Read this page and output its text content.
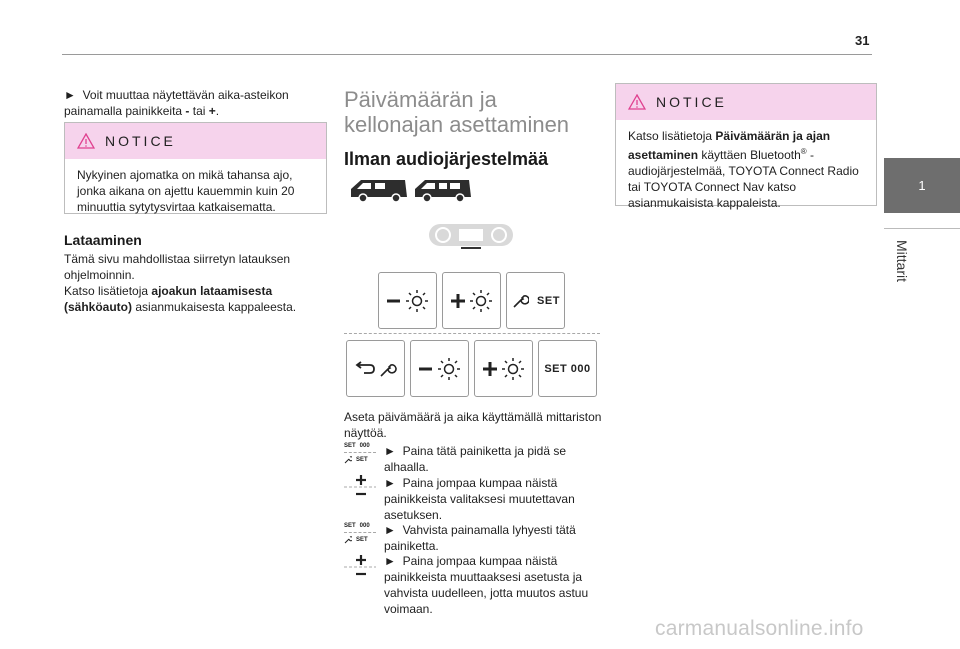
31
1
Mittarit
► Voit muuttaa näytettävän aika-asteikon
painamalla painikkeita - tai +.
NOTICE
Nykyinen ajomatka on mikä tahansa ajo, jonka aikana on ajettu kauemmin kuin 20 minuuttia sytytysvirtaa katkaisematta.
Lataaminen
Tämä sivu mahdollistaa siirretyn latauksen ohjelmoinnin.
Katso lisätietoja ajoakun lataamisesta (sähköauto) asianmukaisesta kappaleesta.
Päivämäärän ja
kellonajan asettaminen
Ilman audiojärjestelmää
SET
SET 000
Aseta päivämäärä ja aika käyttämällä mittariston näyttöä.
SET 000
SET
► Paina tätä painiketta ja pidä se alhaalla.
► Paina jompaa kumpaa näistä painikkeista valitaksesi muutettavan asetuksen.
SET 000
SET
► Vahvista painamalla lyhyesti tätä painiketta.
► Paina jompaa kumpaa näistä painikkeista muuttaaksesi asetusta ja vahvista uudelleen, jotta muutos astuu voimaan.
NOTICE
Katso lisätietoja Päivämäärän ja ajan asettaminen käyttäen Bluetooth® -audiojärjestelmää, TOYOTA Connect Radio tai TOYOTA Connect Nav katso asianmukaisista kappaleista.
carmanualsonline.info
